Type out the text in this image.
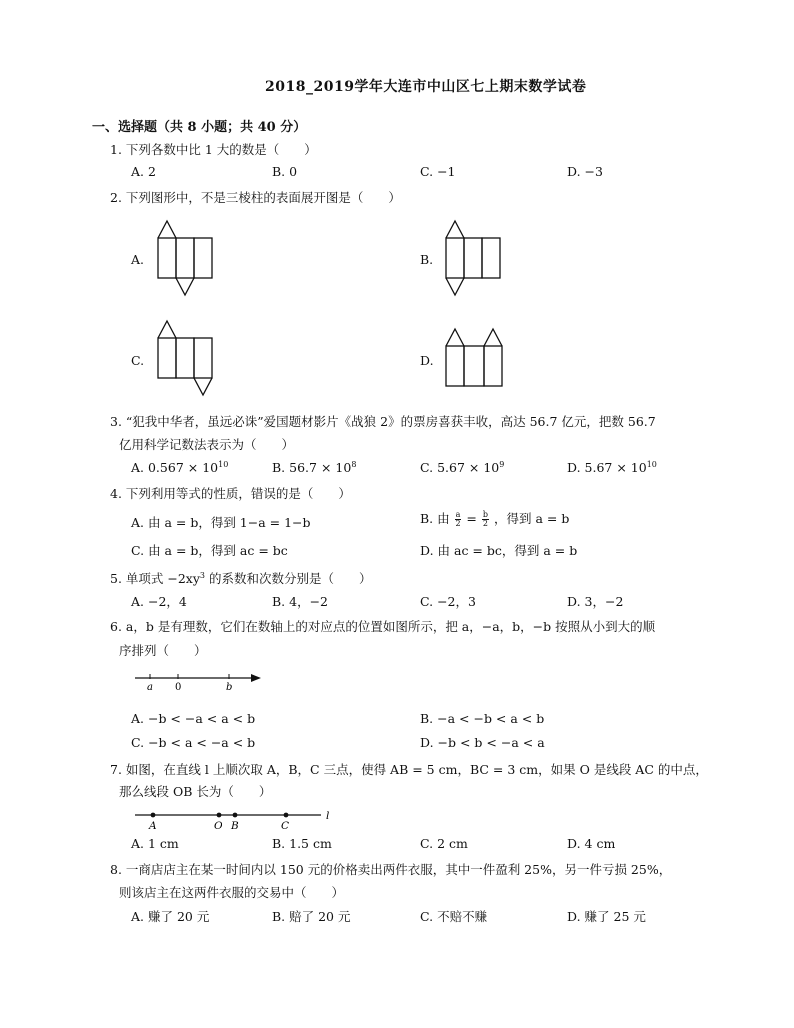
2018_2019学年大连市中山区七上期末数学试卷
一、选择题（共 8 小题；共 40 分）
1. 下列各数中比 1 大的数是（　　）
A. 2	B. 0	C. −1	D. −3
2. 下列图形中，不是三棱柱的表面展开图是（　　）
A.	B.
C.	D.
3. “犯我中华者，虽远必诛”爱国题材影片《战狼 2》的票房喜获丰收，高达 56.7 亿元，把数 56.7
亿用科学记数法表示为（　　）
A. $0.567 \times 10^{10}$	B. $56.7 \times 10^8$	C. $5.67 \times 10^9$	D. $5.67 \times 10^{10}$
4. 下列利用等式的性质，错误的是（　　）
A. 由 a = b，得到 1−a = 1−b	B. 由 $\frac{a}{2} = \frac{b}{2}$ ，得到 a = b
C. 由 a = b，得到 ac = bc	D. 由 ac = bc，得到 a = b
5. 单项式 $-2xy^3$ 的系数和次数分别是（　　）
A. −2，4	B. 4，−2	C. −2，3	D. 3，−2
6. a，b 是有理数，它们在数轴上的对应点的位置如图所示，把 a，−a，b，−b 按照从小到大的顺
序排列（　　）
a 0	b
A. −b < −a < a < b	B. −a < −b < a < b
C. −b < a < −a < b	D. −b < b < −a < a
7. 如图，在直线 l 上顺次取 A，B，C 三点，使得 AB = 5 cm，BC = 3 cm，如果 O 是线段 AC 的中点，
那么线段 OB 长为（　　）
A	O B	C
l
A. 1 cm	B. 1.5 cm	C. 2 cm	D. 4 cm
8. 一商店店主在某一时间内以 150 元的价格卖出两件衣服，其中一件盈利 25%，另一件亏损 25%，
则该店主在这两件衣服的交易中（　　）
A. 赚了 20 元	B. 赔了 20 元	C. 不赔不赚	D. 赚了 25 元
